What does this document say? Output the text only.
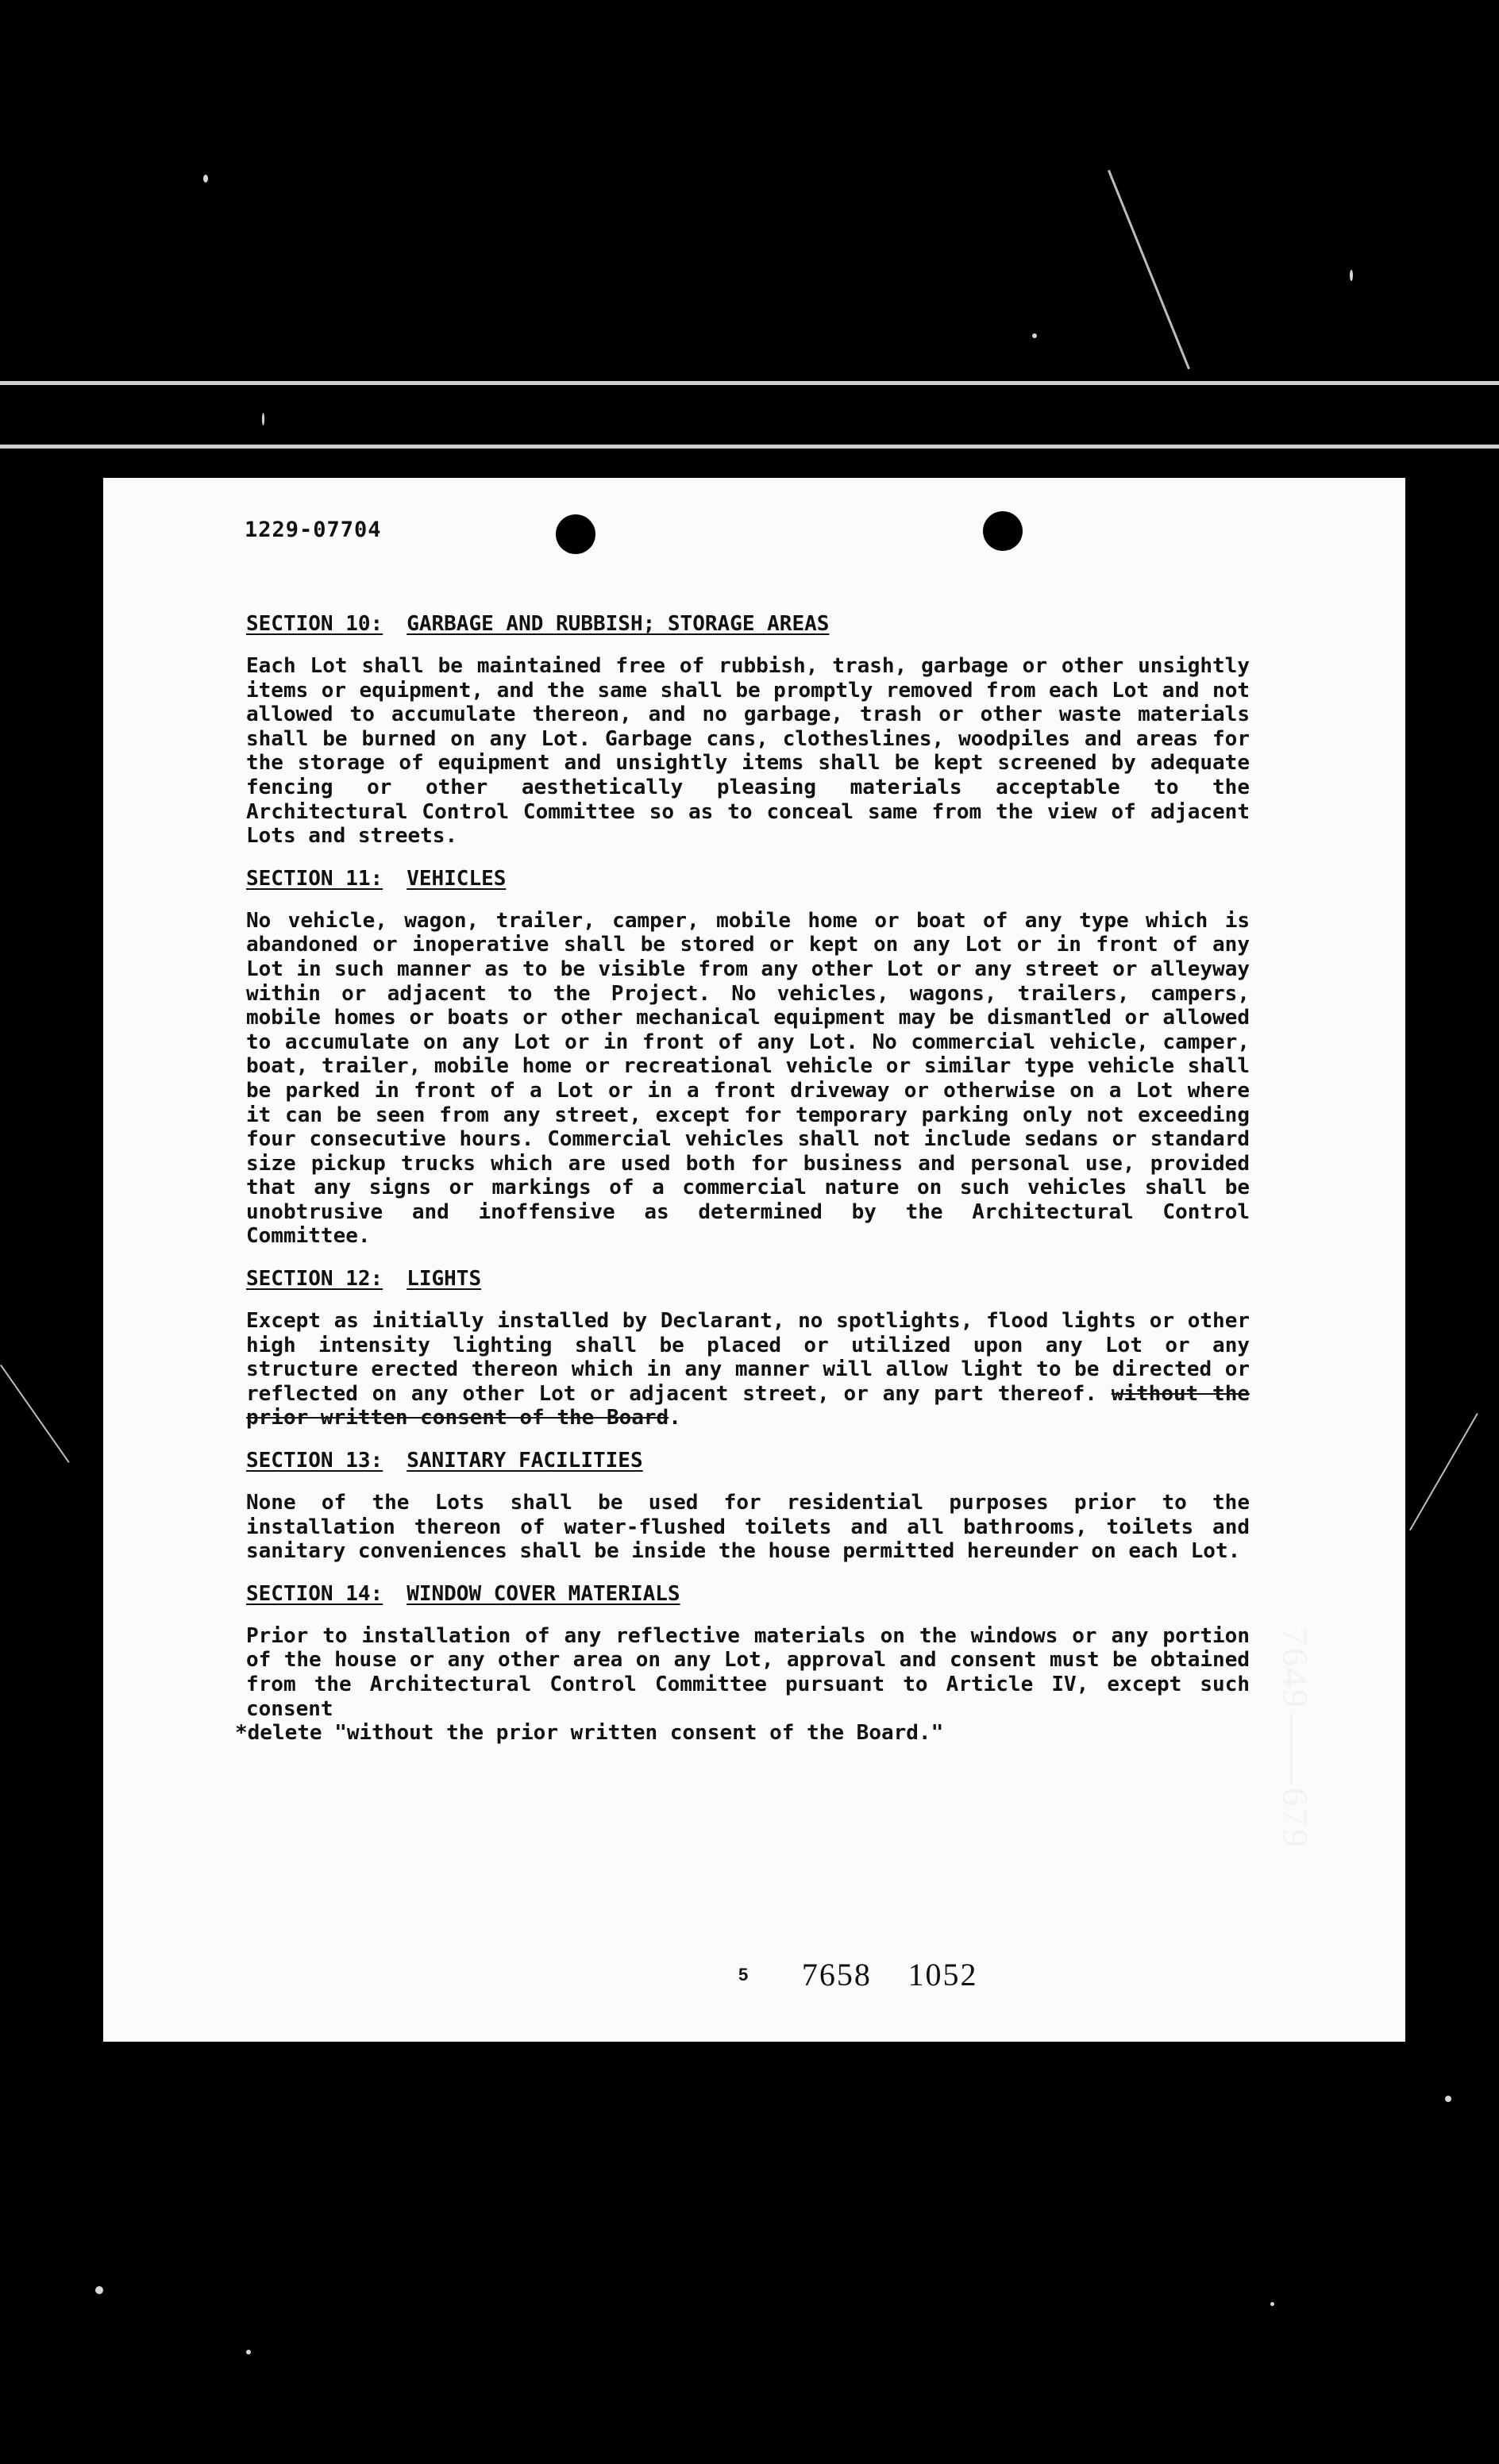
1229-07704
SECTION 10: GARBAGE AND RUBBISH; STORAGE AREAS

Each Lot shall be maintained free of rubbish, trash, garbage or other unsightly items or equipment, and the same shall be promptly removed from each Lot and not allowed to accumulate thereon, and no garbage, trash or other waste materials shall be burned on any Lot. Garbage cans, clotheslines, woodpiles and areas for the storage of equipment and unsightly items shall be kept screened by adequate fencing or other aesthetically pleasing materials acceptable to the Architectural Control Committee so as to conceal same from the view of adjacent Lots and streets.

SECTION 11: VEHICLES

No vehicle, wagon, trailer, camper, mobile home or boat of any type which is abandoned or inoperative shall be stored or kept on any Lot or in front of any Lot in such manner as to be visible from any other Lot or any street or alleyway within or adjacent to the Project. No vehicles, wagons, trailers, campers, mobile homes or boats or other mechanical equipment may be dismantled or allowed to accumulate on any Lot or in front of any Lot. No commercial vehicle, camper, boat, trailer, mobile home or recreational vehicle or similar type vehicle shall be parked in front of a Lot or in a front driveway or otherwise on a Lot where it can be seen from any street, except for temporary parking only not exceeding four consecutive hours. Commercial vehicles shall not include sedans or standard size pickup trucks which are used both for business and personal use, provided that any signs or markings of a commercial nature on such vehicles shall be unobtrusive and inoffensive as determined by the Architectural Control Committee.

SECTION 12: LIGHTS

Except as initially installed by Declarant, no spotlights, flood lights or other high intensity lighting shall be placed or utilized upon any Lot or any structure erected thereon which in any manner will allow light to be directed or reflected on any other Lot or adjacent street, or any part thereof. without the prior written consent of the Board.

SECTION 13: SANITARY FACILITIES

None of the Lots shall be used for residential purposes prior to the installation thereon of water-flushed toilets and all bathrooms, toilets and sanitary conveniences shall be inside the house permitted hereunder on each Lot.

SECTION 14: WINDOW COVER MATERIALS

Prior to installation of any reflective materials on the windows or any portion of the house or any other area on any Lot, approval and consent must be obtained from the Architectural Control Committee pursuant to Article IV, except such consent

*delete "without the prior written consent of the Board."

5 7658 1052
7649679
